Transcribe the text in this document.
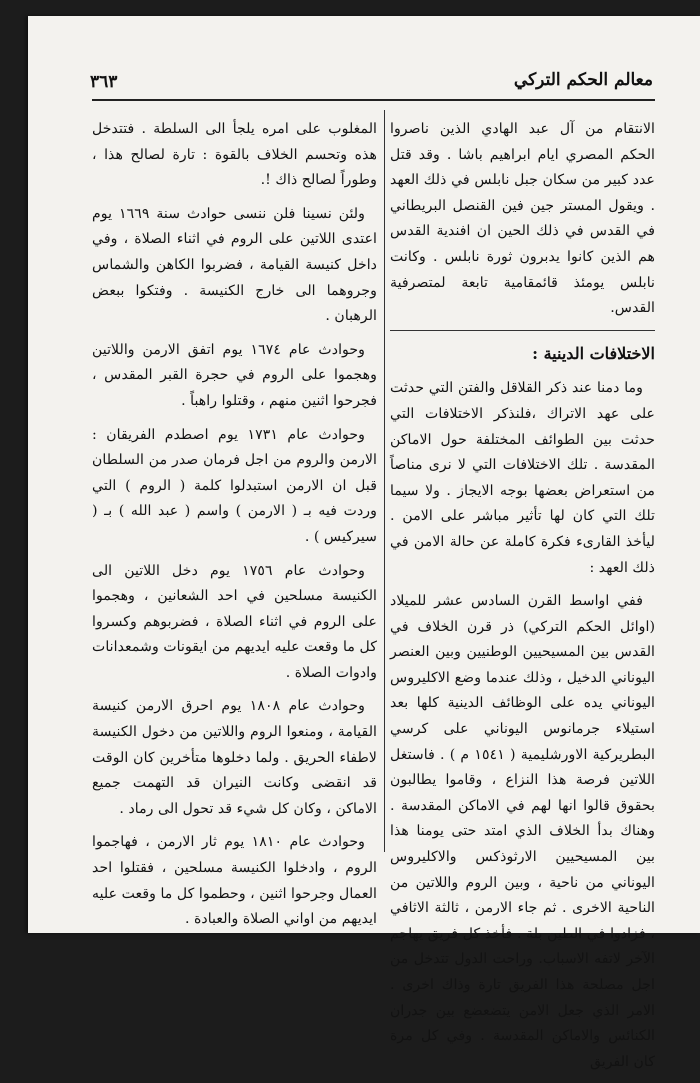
معالم الحكم التركي
٣٦٣

الانتقام من آل عبد الهادي الذين ناصروا الحكم المصري ايام ابراهيم باشا . وقد قتل عدد كبير من سكان جبل نابلس في ذلك العهد . ويقول المستر جين فين القنصل البريطاني في القدس في ذلك الحين ان افندية القدس هم الذين كانوا يدبرون ثورة نابلس . وكانت نابلس يومئذ قائمقامية تابعة لمتصرفية القدس.

الاختلافات الدينية :

وما دمنا عند ذكر القلاقل والفتن التي حدثت على عهد الاتراك ،فلنذكر الاختلافات التي حدثت بين الطوائف المختلفة حول الاماكن المقدسة . تلك الاختلافات التي لا نرى مناصاً من استعراض بعضها بوجه الايجاز . ولا سيما تلك التي كان لها تأثير مباشر على الامن . ليأخذ القارىء فكرة كاملة عن حالة الامن في ذلك العهد :

ففي اواسط القرن السادس عشر للميلاد (اوائل الحكم التركي) ذر قرن الخلاف في القدس بين المسيحيين الوطنيين وبين العنصر اليوناني الدخيل ، وذلك عندما وضع الاكليروس اليوناني يده على الوظائف الدينية كلها بعد استيلاء جرمانوس اليوناني على كرسي البطريركية الاورشليمية ( ١٥٤١ م ) . فاستغل اللاتين فرصة هذا النزاع ، وقاموا يطالبون بحقوق قالوا انها لهم في الاماكن المقدسة . وهناك بدأ الخلاف الذي امتد حتى يومنا هذا بين المسيحيين الارثوذكس والاكليروس اليوناني من ناحية ، وبين الروم واللاتين من الناحية الاخرى . ثم جاء الارمن ، ثالثة الاثافي ، فزادوا في الطين بلة . فأخذ كل فريق يهاجم الآخر لاتفه الاسباب. وراحت الدول تتدخل من اجل مصلحة هذا الفريق تارة وذاك اخرى . الامر الذي جعل الامن يتضعضع بين جدران الكنائس والاماكن المقدسة . وفي كل مرة كان الفريق

المغلوب على امره يلجأ الى السلطة . فتتدخل هذه وتحسم الخلاف بالقوة : تارة لصالح هذا ، وطوراً لصالح ذاك !.

ولئن نسينا فلن ننسى حوادث سنة ١٦٦٩ يوم اعتدى اللاتين على الروم في اثناء الصلاة ، وفي داخل كنيسة القيامة ، فضربوا الكاهن والشماس وجروهما الى خارج الكنيسة . وفتكوا ببعض الرهبان .

وحوادث عام ١٦٧٤ يوم اتفق الارمن واللاتين وهجموا على الروم في حجرة القبر المقدس ، فجرحوا اثنين منهم ، وقتلوا راهباً .

وحوادث عام ١٧٣١ يوم اصطدم الفريقان : الارمن والروم من اجل فرمان صدر من السلطان قبل ان الارمن استبدلوا كلمة ( الروم ) التي وردت فيه بـ ( الارمن ) واسم ( عبد الله ) بـ ( سيركيس ) .

وحوادث عام ١٧٥٦ يوم دخل اللاتين الى الكنيسة مسلحين في احد الشعانين ، وهجموا على الروم في اثناء الصلاة ، فضربوهم وكسروا كل ما وقعت عليه ايديهم من ايقونات وشمعدانات وادوات الصلاة .

وحوادث عام ١٨٠٨ يوم احرق الارمن كنيسة القيامة ، ومنعوا الروم واللاتين من دخول الكنيسة لاطفاء الحريق . ولما دخلوها متأخرين كان الوقت قد انقضى وكانت النيران قد التهمت جميع الاماكن ، وكان كل شيء قد تحول الى رماد .

وحوادث عام ١٨١٠ يوم ثار الارمن ، فهاجموا الروم ، وادخلوا الكنيسة مسلحين ، فقتلوا احد العمال وجرحوا اثنين ، وحطموا كل ما وقعت عليه ايديهم من اواني الصلاة والعبادة .
